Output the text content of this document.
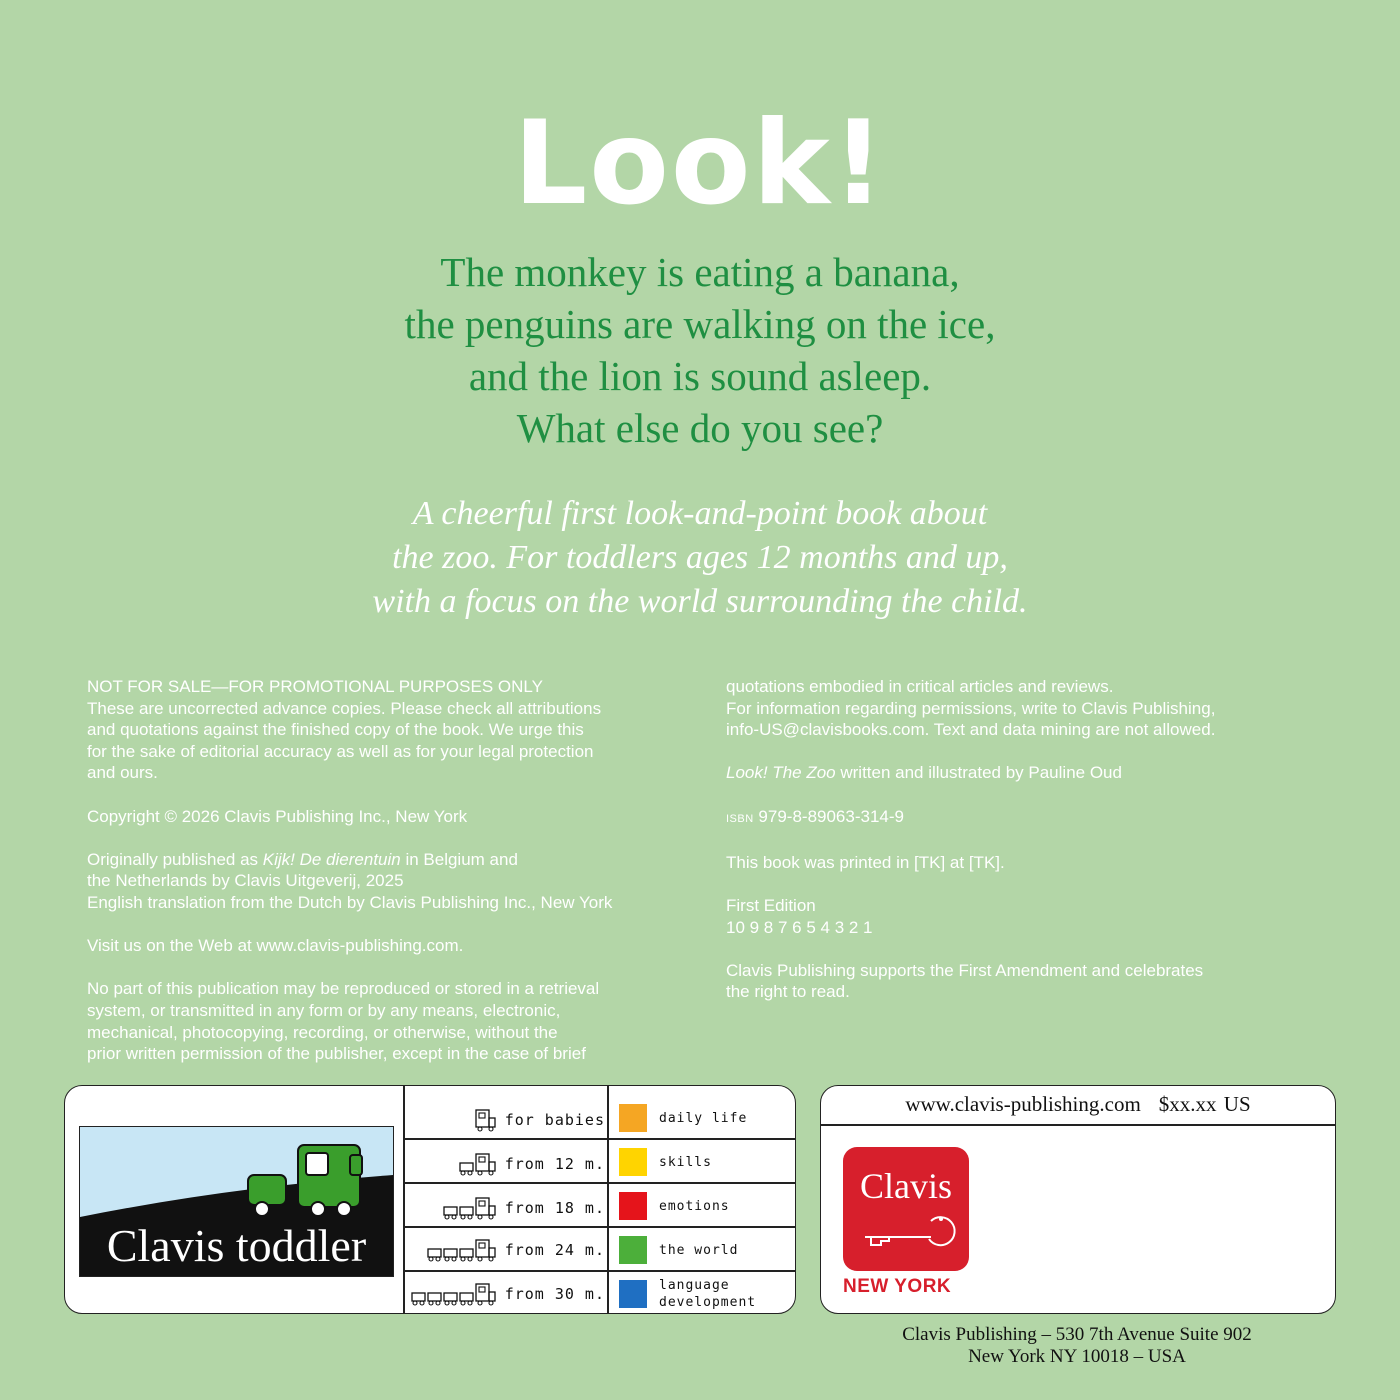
Look!
The monkey is eating a banana,
the penguins are walking on the ice,
and the lion is sound asleep.
What else do you see?
A cheerful first look-and-point book about
the zoo. For toddlers ages 12 months and up,
with a focus on the world surrounding the child.

NOT FOR SALE—FOR PROMOTIONAL PURPOSES ONLY
These are uncorrected advance copies. Please check all attributions
and quotations against the finished copy of the book. We urge this
for the sake of editorial accuracy as well as for your legal protection
and ours.

Copyright © 2026 Clavis Publishing Inc., New York

Originally published as Kijk! De dierentuin in Belgium and
the Netherlands by Clavis Uitgeverij, 2025
English translation from the Dutch by Clavis Publishing Inc., New York

Visit us on the Web at www.clavis-publishing.com.

No part of this publication may be reproduced or stored in a retrieval
system, or transmitted in any form or by any means, electronic,
mechanical, photocopying, recording, or otherwise, without the
prior written permission of the publisher, except in the case of brief

quotations embodied in critical articles and reviews.
For information regarding permissions, write to Clavis Publishing,
info-US@clavisbooks.com. Text and data mining are not allowed.

Look! The Zoo written and illustrated by Pauline Oud

ISBN 979-8-89063-314-9

This book was printed in [TK] at [TK].

First Edition
10 9 8 7 6 5 4 3 2 1

Clavis Publishing supports the First Amendment and celebrates
the right to read.

Clavis toddler
for babies
from 12 m.
from 18 m.
from 24 m.
from 30 m.
daily life
skills
emotions
the world
language
development
www.clavis-publishing.com $xx.xx US
Clavis
NEW YORK
Clavis Publishing – 530 7th Avenue Suite 902
New York NY 10018 – USA
